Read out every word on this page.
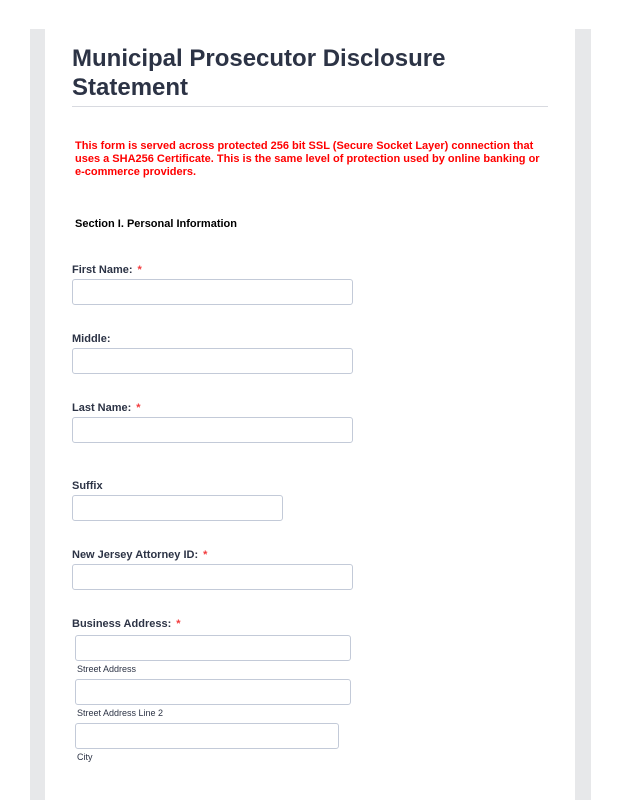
Municipal Prosecutor Disclosure Statement
This form is served across protected 256 bit SSL (Secure Socket Layer) connection that uses a SHA256 Certificate. This is the same level of protection used by online banking or e-commerce providers.
Section I. Personal Information
First Name: *
Middle:
Last Name: *
Suffix
New Jersey Attorney ID: *
Business Address: *
Street Address
Street Address Line 2
City
